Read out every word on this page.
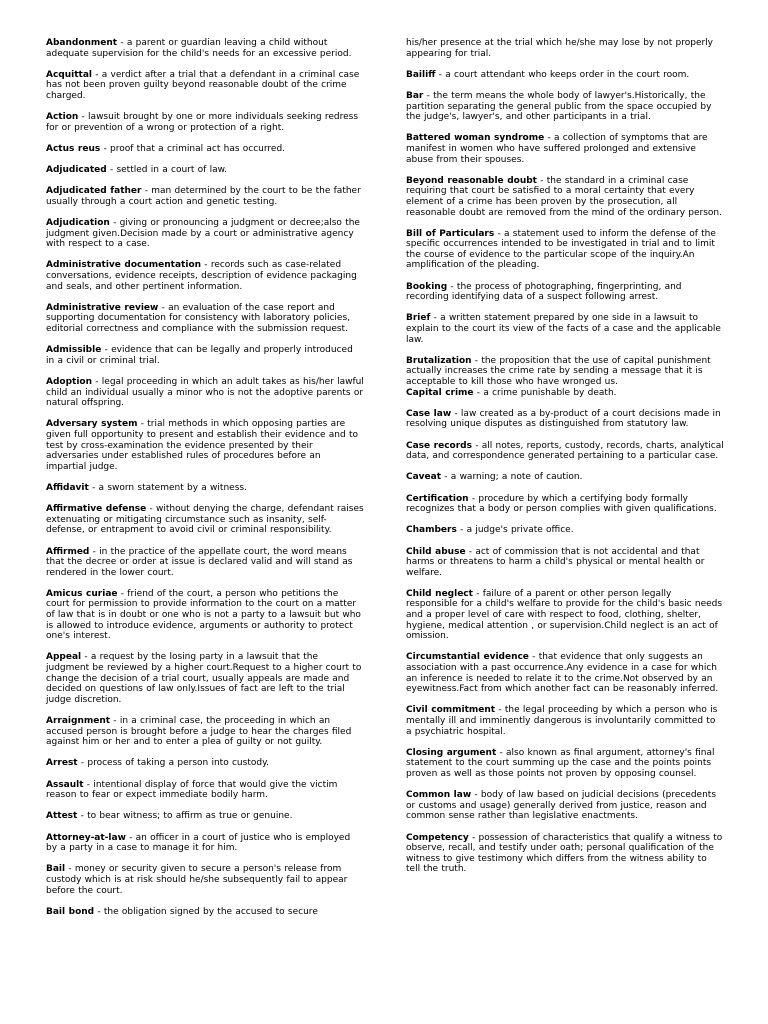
Abandonment - a parent or guardian leaving a child without adequate supervision for the child's needs for an excessive period.
Acquittal - a verdict after a trial that a defendant in a criminal case has not been proven guilty beyond reasonable doubt of the crime charged.
Action - lawsuit brought by one or more individuals seeking redress for or prevention of a wrong or protection of a right.
Actus reus - proof that a criminal act has occurred.
Adjudicated - settled in a court of law.
Adjudicated father - man determined by the court to be the father usually through a court action and genetic testing.
Adjudication - giving or pronouncing a judgment or decree;also the judgment given.Decision made by a court or administrative agency with respect to a case.
Administrative documentation - records such as case-related conversations, evidence receipts, description of evidence packaging and seals, and other pertinent information.
Administrative review - an evaluation of the case report and supporting documentation for consistency with laboratory policies, editorial correctness and compliance with the submission request.
Admissible - evidence that can be legally and properly introduced in a civil or criminal trial.
Adoption - legal proceeding in which an adult takes as his/her lawful child an individual usually a minor who is not the adoptive parents or natural offspring.
Adversary system - trial methods in which opposing parties are given full opportunity to present and establish their evidence and to test by cross-examination the evidence presented by their adversaries under established rules of procedures before an impartial judge.
Affidavit - a sworn statement by a witness.
Affirmative defense - without denying the charge, defendant raises extenuating or mitigating circumstance such as insanity, self-defense, or entrapment to avoid civil or criminal responsibility.
Affirmed - in the practice of the appellate court, the word means that the decree or order at issue is declared valid and will stand as rendered in the lower court.
Amicus curiae - friend of the court, a person who petitions the court for permission to provide information to the court on a matter of law that is in doubt or one who is not a party to a lawsuit but who is allowed to introduce evidence, arguments or authority to protect one's interest.
Appeal - a request by the losing party in a lawsuit that the judgment be reviewed by a higher court.Request to a higher court to change the decision of a trial court, usually appeals are made and decided on questions of law only.Issues of fact are left to the trial judge discretion.
Arraignment - in a criminal case, the proceeding in which an accused person is brought before a judge to hear the charges filed against him or her and to enter a plea of guilty or not guilty.
Arrest - process of taking a person into custody.
Assault - intentional display of force that would give the victim reason to fear or expect immediate bodily harm.
Attest - to bear witness; to affirm as true or genuine.
Attorney-at-law - an officer in a court of justice who is employed by a party in a case to manage it for him.
Bail - money or security given to secure a person's release from custody which is at risk should he/she subsequently fail to appear before the court.
Bail bond - the obligation signed by the accused to secure
his/her presence at the trial which he/she may lose by not properly appearing for trial.
Bailiff - a court attendant who keeps order in the court room.
Bar - the term means the whole body of lawyer's.Historically, the partition separating the general public from the space occupied by the judge's, lawyer's, and other participants in a trial.
Battered woman syndrome - a collection of symptoms that are manifest in women who have suffered prolonged and extensive abuse from their spouses.
Beyond reasonable doubt - the standard in a criminal case requiring that court be satisfied to a moral certainty that every element of a crime has been proven by the prosecution, all reasonable doubt are removed from the mind of the ordinary person.
Bill of Particulars - a statement used to inform the defense of the specific occurrences intended to be investigated in trial and to limit the course of evidence to the particular scope of the inquiry.An amplification of the pleading.
Booking - the process of photographing, fingerprinting, and recording identifying data of a suspect following arrest.
Brief - a written statement prepared by one side in a lawsuit to explain to the court its view of the facts of a case and the applicable law.
Brutalization - the proposition that the use of capital punishment actually increases the crime rate by sending a message that it is acceptable to kill those who have wronged us.
Capital crime - a crime punishable by death.
Case law - law created as a by-product of a court decisions made in resolving unique disputes as distinguished from statutory law.
Case records - all notes, reports, custody, records, charts, analytical data, and correspondence generated pertaining to a particular case.
Caveat - a warning; a note of caution.
Certification - procedure by which a certifying body formally recognizes that a body or person complies with given qualifications.
Chambers - a judge's private office.
Child abuse - act of commission that is not accidental and that harms or threatens to harm a child's physical or mental health or welfare.
Child neglect - failure of a parent or other person legally responsible for a child's welfare to provide for the child's basic needs and a proper level of care with respect to food, clothing, shelter, hygiene, medical attention , or supervision.Child neglect is an act of omission.
Circumstantial evidence - that evidence that only suggests an association with a past occurrence.Any evidence in a case for which an inference is needed to relate it to the crime.Not observed by an eyewitness.Fact from which another fact can be reasonably inferred.
Civil commitment - the legal proceeding by which a person who is mentally ill and imminently dangerous is involuntarily committed to a psychiatric hospital.
Closing argument - also known as final argument, attorney's final statement to the court summing up the case and the points points proven as well as those points not proven by opposing counsel.
Common law - body of law based on judicial decisions (precedents or customs and usage) generally derived from justice, reason and common sense rather than legislative enactments.
Competency - possession of characteristics that qualify a witness to observe, recall, and testify under oath; personal qualification of the witness to give testimony which differs from the witness ability to tell the truth.
